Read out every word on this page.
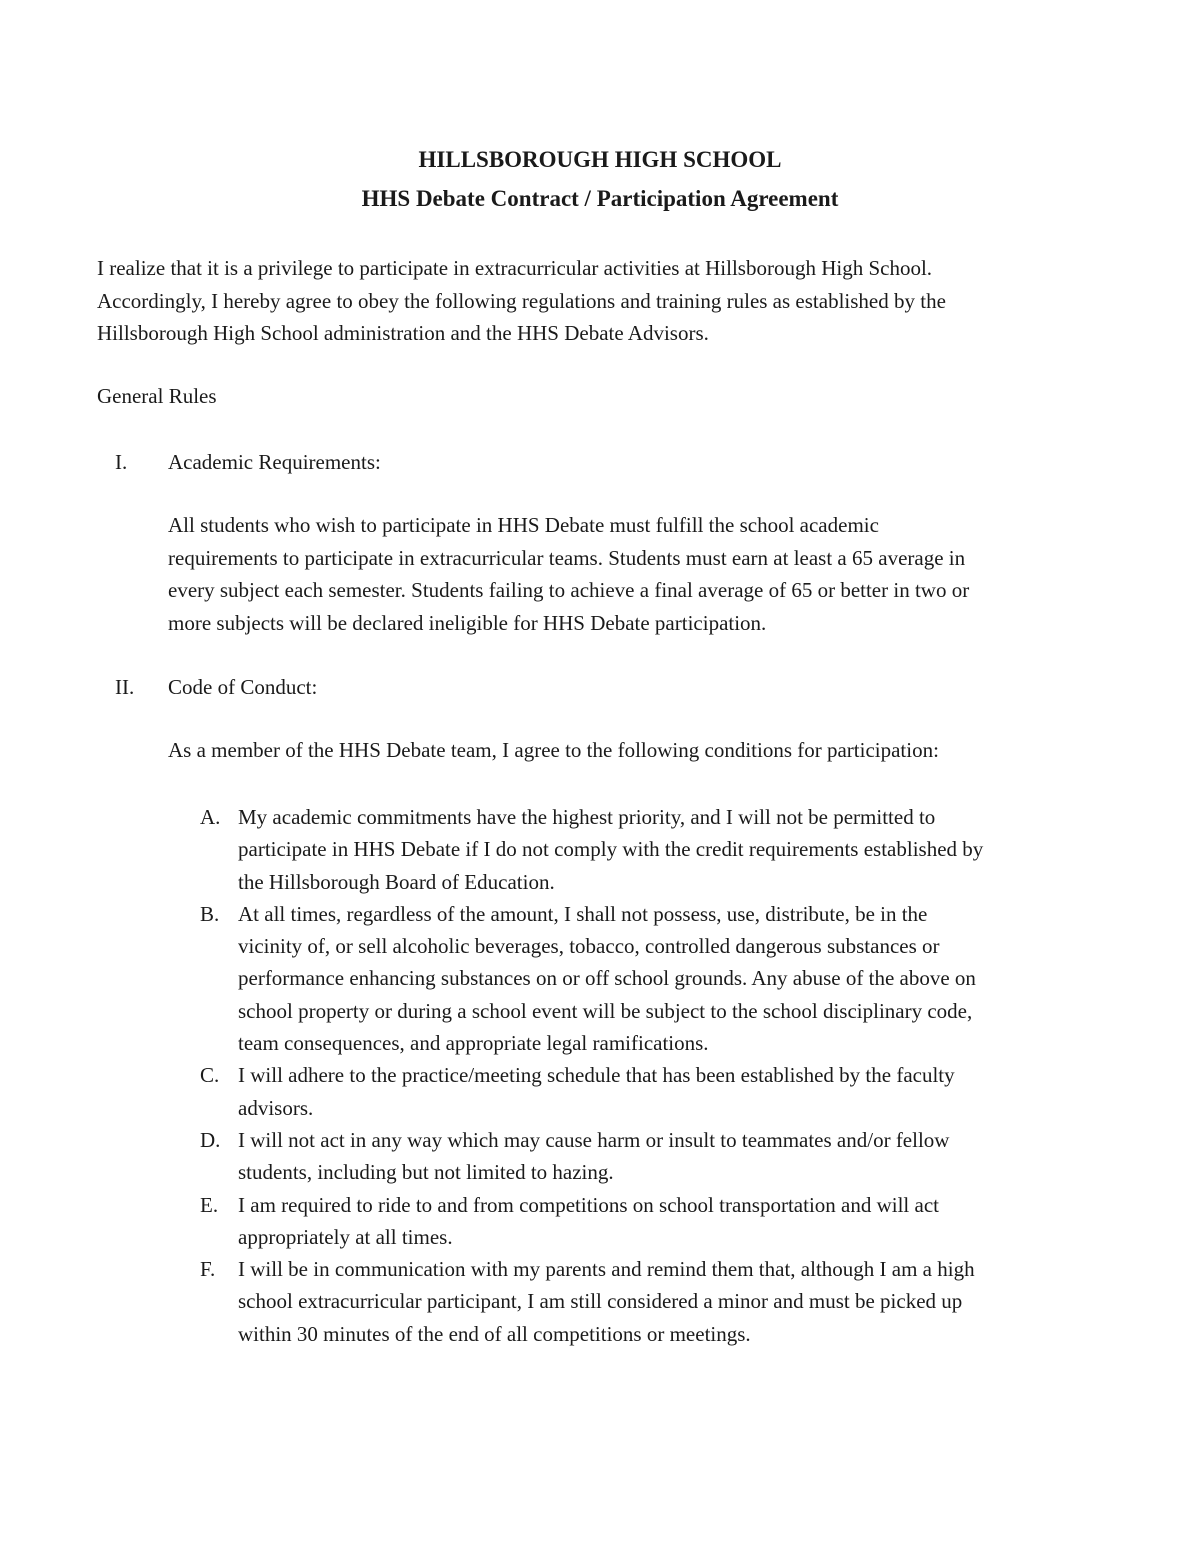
HILLSBOROUGH HIGH SCHOOL
HHS Debate Contract / Participation Agreement
I realize that it is a privilege to participate in extracurricular activities at Hillsborough High School.
Accordingly, I hereby agree to obey the following regulations and training rules as established by the
Hillsborough High School administration and the HHS Debate Advisors.
General Rules
I. Academic Requirements:
All students who wish to participate in HHS Debate must fulfill the school academic
requirements to participate in extracurricular teams. Students must earn at least a 65 average in
every subject each semester. Students failing to achieve a final average of 65 or better in two or
more subjects will be declared ineligible for HHS Debate participation.
II. Code of Conduct:
As a member of the HHS Debate team, I agree to the following conditions for participation:
A. My academic commitments have the highest priority, and I will not be permitted to
participate in HHS Debate if I do not comply with the credit requirements established by
the Hillsborough Board of Education.
B. At all times, regardless of the amount, I shall not possess, use, distribute, be in the
vicinity of, or sell alcoholic beverages, tobacco, controlled dangerous substances or
performance enhancing substances on or off school grounds. Any abuse of the above on
school property or during a school event will be subject to the school disciplinary code,
team consequences, and appropriate legal ramifications.
C. I will adhere to the practice/meeting schedule that has been established by the faculty
advisors.
D. I will not act in any way which may cause harm or insult to teammates and/or fellow
students, including but not limited to hazing.
E. I am required to ride to and from competitions on school transportation and will act
appropriately at all times.
F.	I will be in communication with my parents and remind them that, although I am a high
school extracurricular participant, I am still considered a minor and must be picked up
within 30 minutes of the end of all competitions or meetings.
